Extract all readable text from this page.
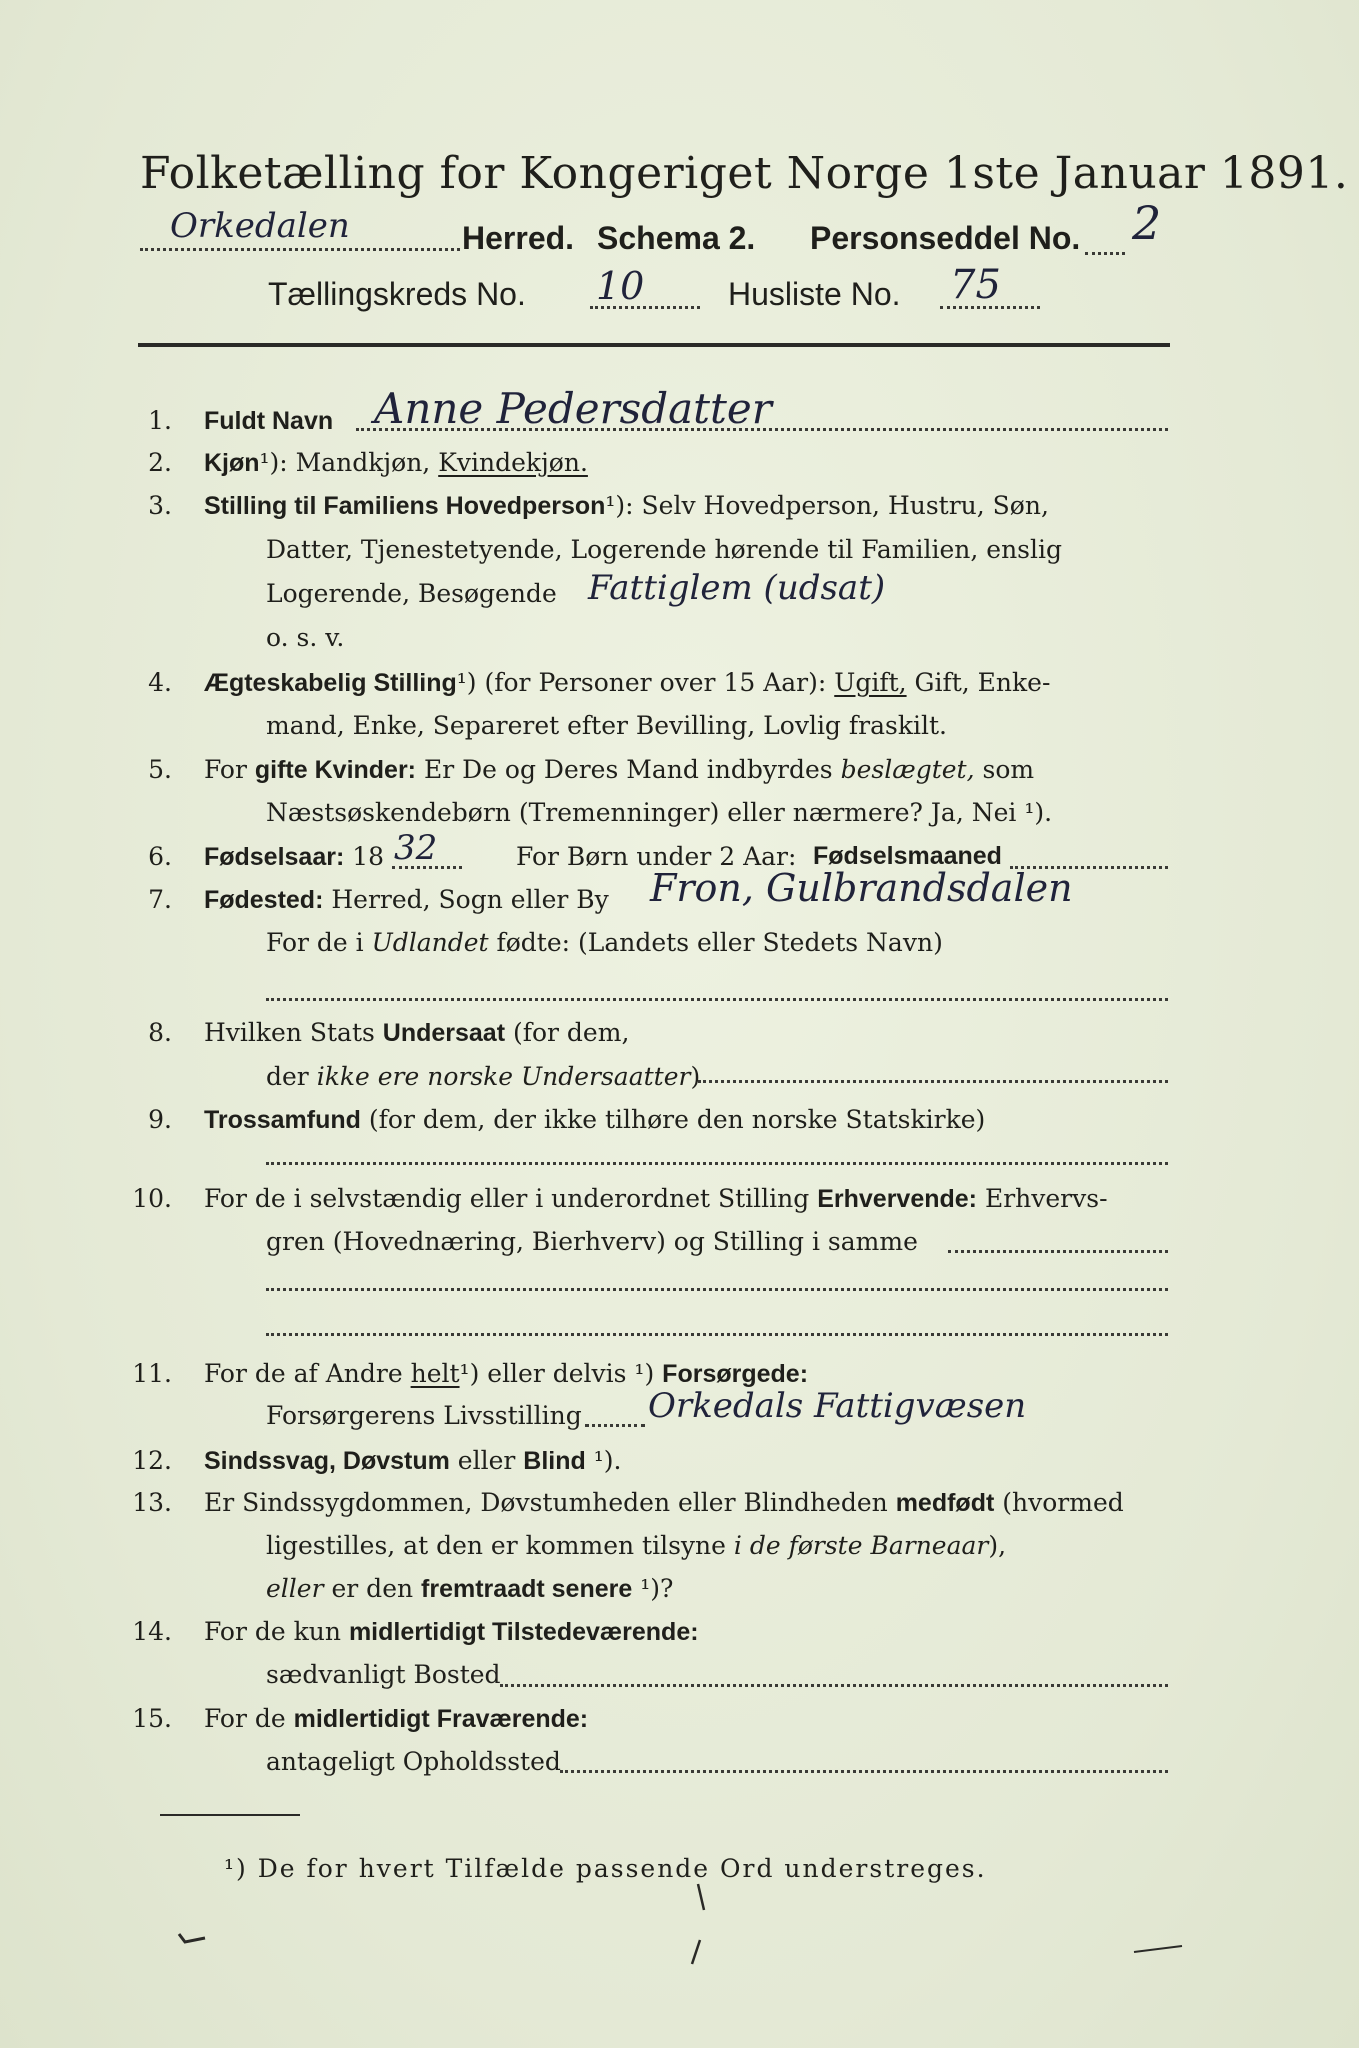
Folketælling for Kongeriget Norge 1ste Januar 1891.
Orkedalen	Herred. Schema 2. Personseddel No. 2
Tællingskreds No. 10	Husliste No. 75
1. Fuldt Navn Anne Pedersdatter
2. Kjøn¹): Mandkjøn, Kvindekjøn.
3. Stilling til Familiens Hovedperson¹): Selv Hovedperson, Hustru, Søn,
Datter, Tjenestetyende, Logerende hørende til Familien, enslig
Logerende, Besøgende Fattiglem (udsat)
o. s. v.
4. Ægteskabelig Stilling¹) (for Personer over 15 Aar): Ugift, Gift, Enke-
mand, Enke, Separeret efter Bevilling, Lovlig fraskilt.
5. For gifte Kvinder: Er De og Deres Mand indbyrdes beslægtet, som
Næstsøskendebørn (Tremenninger) eller nærmere? Ja, Nei ¹).
6. Fødselsaar: 18 32	For Børn under 2 Aar: Fødselsmaaned
7. Fødested: Herred, Sogn eller By Fron, Gulbrandsdalen
For de i Udlandet fødte: (Landets eller Stedets Navn)
8. Hvilken Stats Undersaat (for dem,
der ikke ere norske Undersaatter)
9. Trossamfund (for dem, der ikke tilhøre den norske Statskirke)
10. For de i selvstændig eller i underordnet Stilling Erhvervende: Erhvervs-
gren (Hovednæring, Bierhverv) og Stilling i samme
11. For de af Andre helt¹) eller delvis ¹) Forsørgede:
Forsørgerens Livsstilling Orkedals Fattigvæsen
12. Sindssvag, Døvstum eller Blind ¹).
13. Er Sindssygdommen, Døvstumheden eller Blindheden medfødt (hvormed
ligestilles, at den er kommen tilsyne i de første Barneaar),
eller er den fremtraadt senere ¹)?
14. For de kun midlertidigt Tilstedeværende:
sædvanligt Bosted
15. For de midlertidigt Fraværende:
antageligt Opholdssted
¹) De for hvert Tilfælde passende Ord understreges.
